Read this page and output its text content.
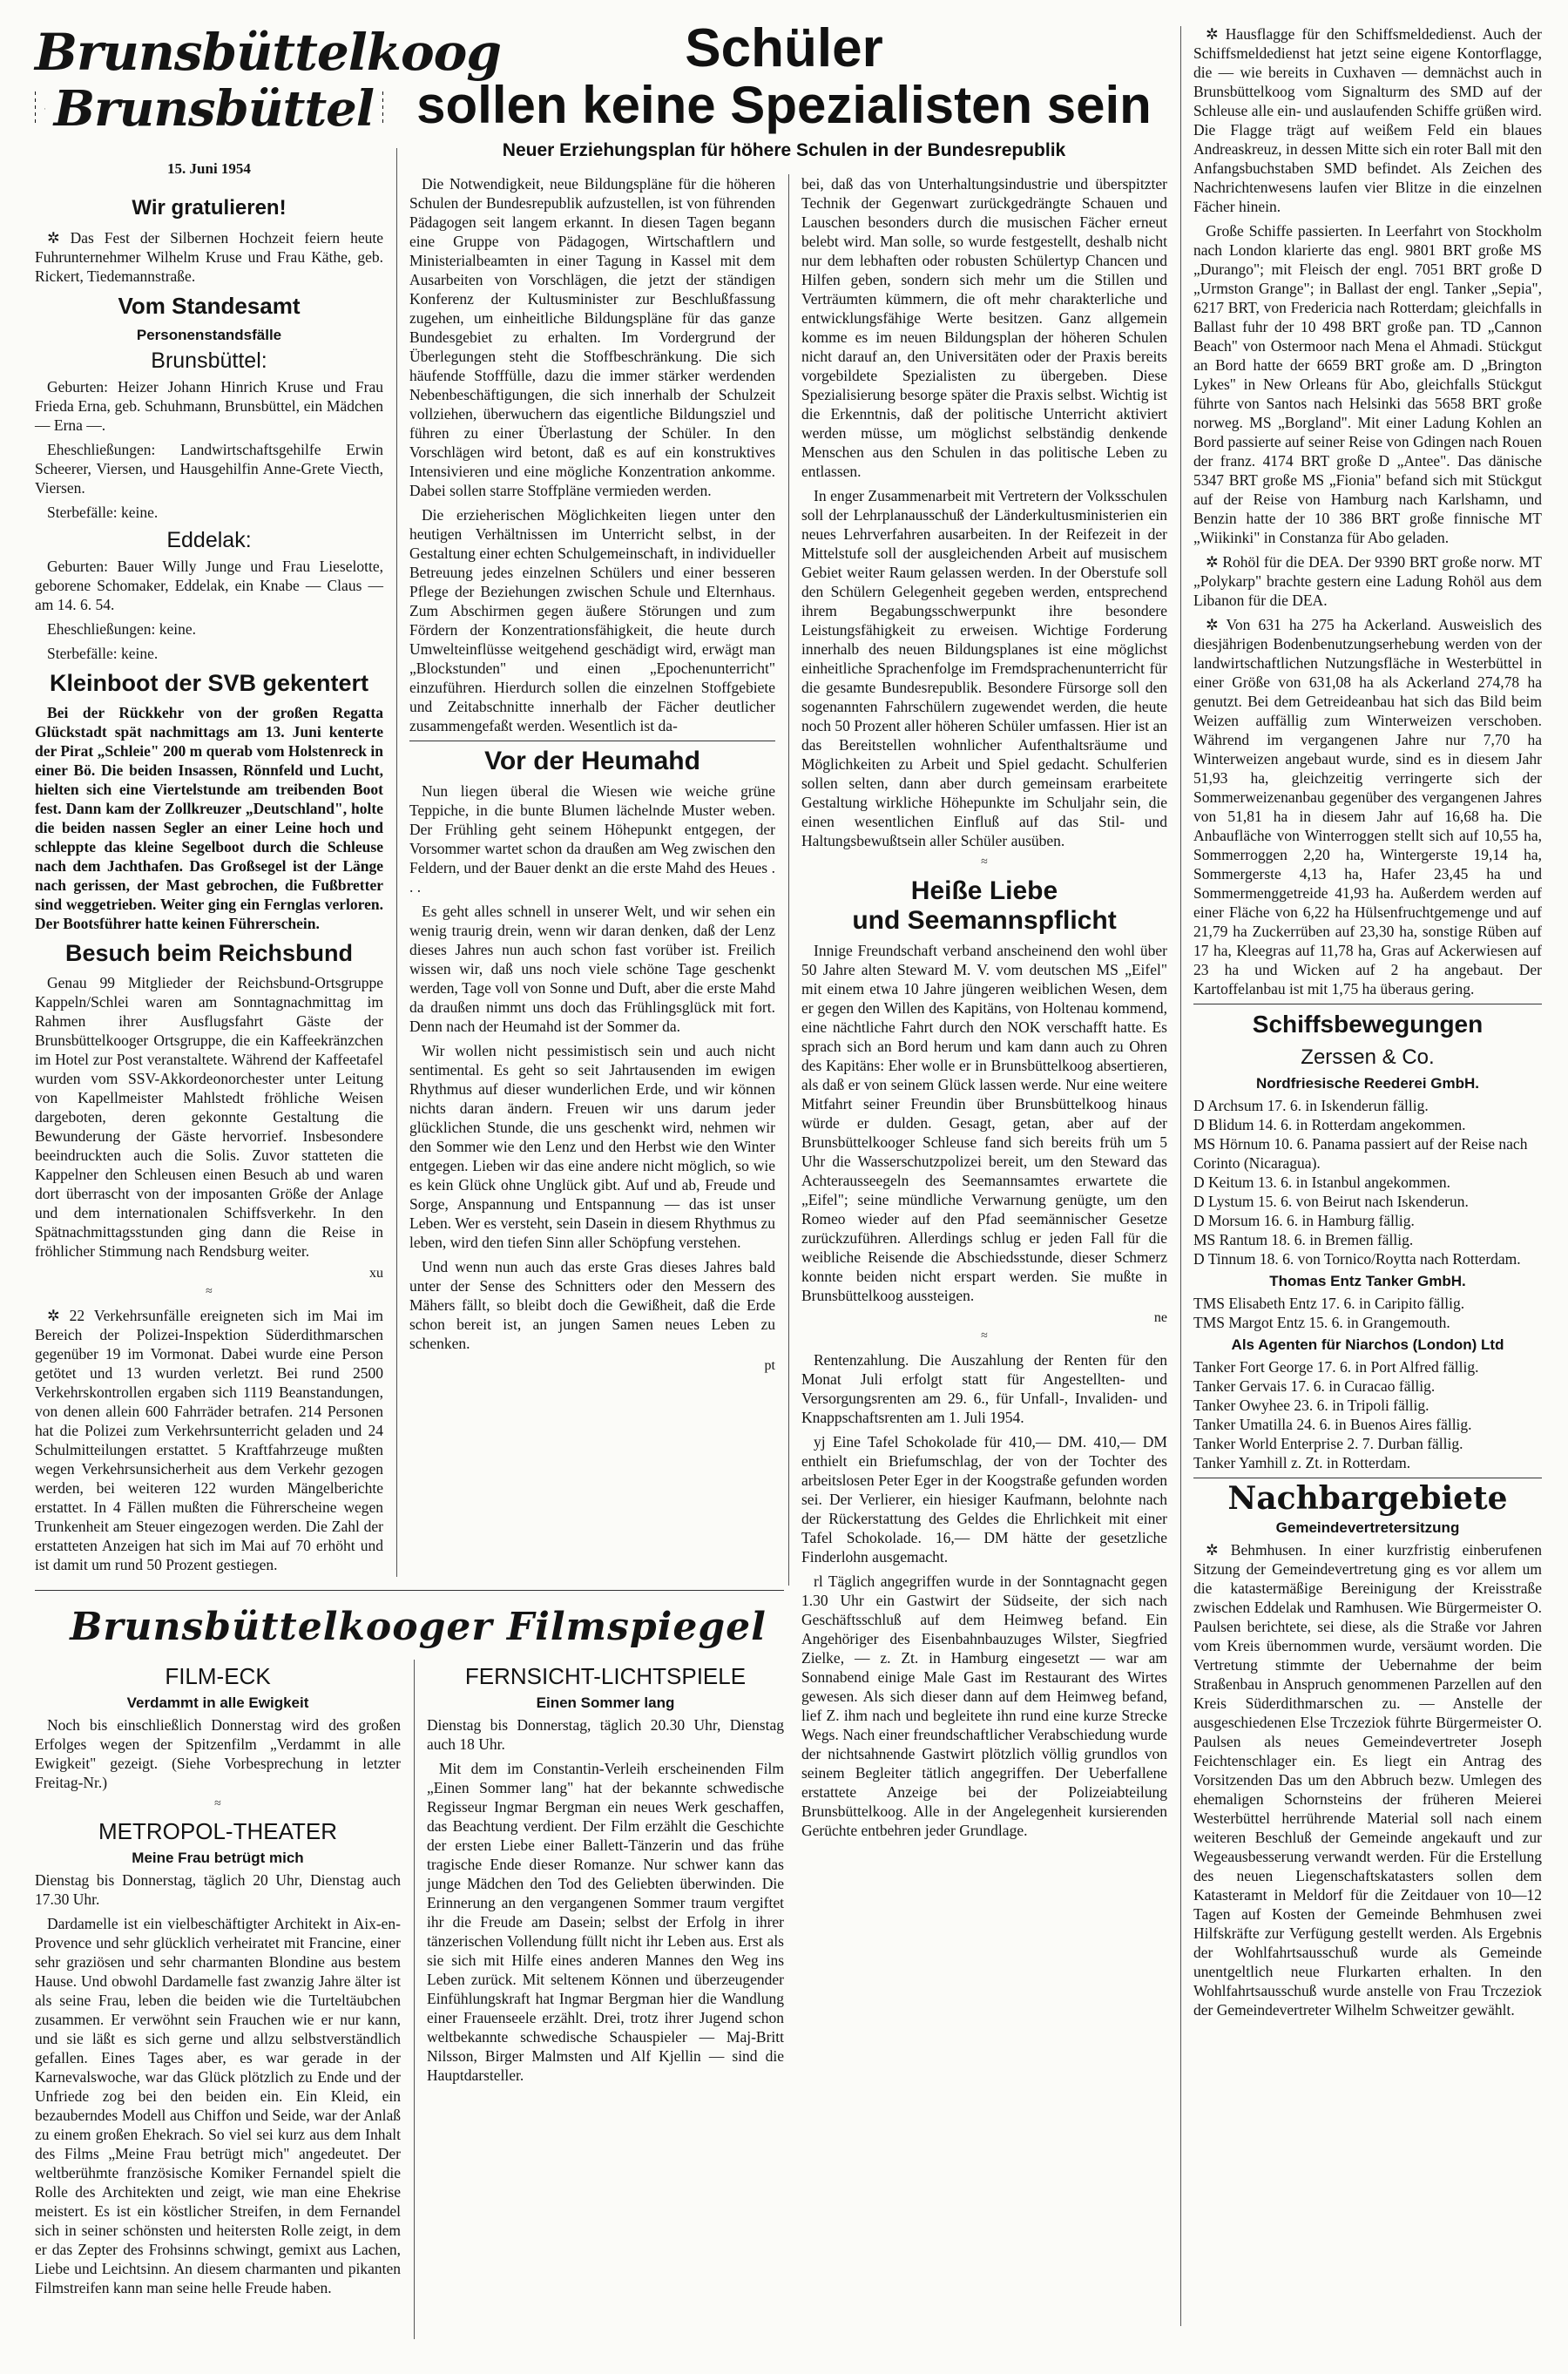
Brunsbüttelkoog
Brunsbüttel
15. Juni 1954
Wir gratulieren!

✲ Das Fest der Silbernen Hochzeit feiern heute Fuhrunternehmer Wilhelm Kruse und Frau Käthe, geb. Rickert, Tiedemannstraße.

Vom Standesamt
Personenstandsfälle
Brunsbüttel:

Geburten: Heizer Johann Hinrich Kruse und Frau Frieda Erna, geb. Schuhmann, Brunsbüttel, ein Mädchen — Erna —.

Eheschließungen: Landwirtschaftsgehilfe Erwin Scheerer, Viersen, und Hausgehilfin Anne-Grete Viecth, Viersen.

Sterbefälle: keine.

Eddelak:

Geburten: Bauer Willy Junge und Frau Lieselotte, geborene Schomaker, Eddelak, ein Knabe — Claus — am 14. 6. 54.

Eheschließungen: keine.

Sterbefälle: keine.

Kleinboot der SVB gekentert

Bei der Rückkehr von der großen Regatta Glückstadt spät nachmittags am 13. Juni kenterte der Pirat „Schleie" 200 m querab vom Holstenreck in einer Bö. Die beiden Insassen, Rönnfeld und Lucht, hielten sich eine Viertelstunde am treibenden Boot fest. Dann kam der Zollkreuzer „Deutschland", holte die beiden nassen Segler an einer Leine hoch und schleppte das kleine Segelboot durch die Schleuse nach dem Jachthafen. Das Großsegel ist der Länge nach gerissen, der Mast gebrochen, die Fußbretter sind weggetrieben. Weiter ging ein Fernglas verloren. Der Bootsführer hatte keinen Führerschein.

Besuch beim Reichsbund

Genau 99 Mitglieder der Reichsbund-Ortsgruppe Kappeln/Schlei waren am Sonntagnachmittag im Rahmen ihrer Ausflugsfahrt Gäste der Brunsbüttelkooger Ortsgruppe, die ein Kaffeekränzchen im Hotel zur Post veranstaltete. Während der Kaffeetafel wurden vom SSV-Akkordeonorchester unter Leitung von Kapellmeister Mahlstedt fröhliche Weisen dargeboten, deren gekonnte Gestaltung die Bewunderung der Gäste hervorrief. Insbesondere beeindruckten auch die Solis. Zuvor statteten die Kappelner den Schleusen einen Besuch ab und waren dort überrascht von der imposanten Größe der Anlage und dem internationalen Schiffsverkehr. In den Spätnachmittagsstunden ging dann die Reise in fröhlicher Stimmung nach Rendsburg weiter.

xu
≈

✲ 22 Verkehrsunfälle ereigneten sich im Mai im Bereich der Polizei-Inspektion Süderdithmarschen gegenüber 19 im Vormonat. Dabei wurde eine Person getötet und 13 wurden verletzt. Bei rund 2500 Verkehrskontrollen ergaben sich 1119 Beanstandungen, von denen allein 600 Fahrräder betrafen. 214 Personen hat die Polizei zum Verkehrsunterricht geladen und 24 Schulmitteilungen erstattet. 5 Kraftfahrzeuge mußten wegen Verkehrsunsicherheit aus dem Verkehr gezogen werden, bei weiteren 122 wurden Mängelberichte erstattet. In 4 Fällen mußten die Führerscheine wegen Trunkenheit am Steuer eingezogen werden. Die Zahl der erstatteten Anzeigen hat sich im Mai auf 70 erhöht und ist damit um rund 50 Prozent gestiegen.

Schüler
sollen keine Spezialisten sein
Neuer Erziehungsplan für höhere Schulen in der Bundesrepublik

Die Notwendigkeit, neue Bildungspläne für die höheren Schulen der Bundesrepublik aufzustellen, ist von führenden Pädagogen seit langem erkannt. In diesen Tagen begann eine Gruppe von Pädagogen, Wirtschaftlern und Ministerialbeamten in einer Tagung in Kassel mit dem Ausarbeiten von Vorschlägen, die jetzt der ständigen Konferenz der Kultusminister zur Beschlußfassung zugehen, um einheitliche Bildungspläne für das ganze Bundesgebiet zu erhalten. Im Vordergrund der Überlegungen steht die Stoffbeschränkung. Die sich häufende Stofffülle, dazu die immer stärker werdenden Nebenbeschäftigungen, die sich innerhalb der Schulzeit vollziehen, überwuchern das eigentliche Bildungsziel und führen zu einer Überlastung der Schüler. In den Vorschlägen wird betont, daß es auf ein konstruktives Intensivieren und eine mögliche Konzentration ankomme. Dabei sollen starre Stoffpläne vermieden werden.

Die erzieherischen Möglichkeiten liegen unter den heutigen Verhältnissen im Unterricht selbst, in der Gestaltung einer echten Schulgemeinschaft, in individueller Betreuung jedes einzelnen Schülers und einer besseren Pflege der Beziehungen zwischen Schule und Elternhaus. Zum Abschirmen gegen äußere Störungen und zum Fördern der Konzentrationsfähigkeit, die heute durch Umwelteinflüsse weitgehend geschädigt wird, erwägt man „Blockstunden" und einen „Epochenunterricht" einzuführen. Hierdurch sollen die einzelnen Stoffgebiete und Zeitabschnitte innerhalb der Fächer deutlicher zusammengefaßt werden. Wesentlich ist da-

Vor der Heumahd

Nun liegen überal die Wiesen wie weiche grüne Teppiche, in die bunte Blumen lächelnde Muster weben. Der Frühling geht seinem Höhepunkt entgegen, der Vorsommer wartet schon da draußen am Weg zwischen den Feldern, und der Bauer denkt an die erste Mahd des Heues . . .

Es geht alles schnell in unserer Welt, und wir sehen ein wenig traurig drein, wenn wir daran denken, daß der Lenz dieses Jahres nun auch schon fast vorüber ist. Freilich wissen wir, daß uns noch viele schöne Tage geschenkt werden, Tage voll von Sonne und Duft, aber die erste Mahd da draußen nimmt uns doch das Frühlingsglück mit fort. Denn nach der Heumahd ist der Sommer da.

Wir wollen nicht pessimistisch sein und auch nicht sentimental. Es geht so seit Jahrtausenden im ewigen Rhythmus auf dieser wunderlichen Erde, und wir können nichts daran ändern. Freuen wir uns darum jeder glücklichen Stunde, die uns geschenkt wird, nehmen wir den Sommer wie den Lenz und den Herbst wie den Winter entgegen. Lieben wir das eine andere nicht möglich, so wie es kein Glück ohne Unglück gibt. Auf und ab, Freude und Sorge, Anspannung und Entspannung — das ist unser Leben. Wer es versteht, sein Dasein in diesem Rhythmus zu leben, wird den tiefen Sinn aller Schöpfung verstehen.

Und wenn nun auch das erste Gras dieses Jahres bald unter der Sense des Schnitters oder den Messern des Mähers fällt, so bleibt doch die Gewißheit, daß die Erde schon bereit ist, an jungen Samen neues Leben zu schenken.

pt

bei, daß das von Unterhaltungsindustrie und überspitzter Technik der Gegenwart zurückgedrängte Schauen und Lauschen besonders durch die musischen Fächer erneut belebt wird. Man solle, so wurde festgestellt, deshalb nicht nur dem lebhaften oder robusten Schülertyp Chancen und Hilfen geben, sondern sich mehr um die Stillen und Verträumten kümmern, die oft mehr charakterliche und entwicklungsfähige Werte besitzen. Ganz allgemein komme es im neuen Bildungsplan der höheren Schulen nicht darauf an, den Universitäten oder der Praxis bereits vorgebildete Spezialisten zu übergeben. Diese Spezialisierung besorge später die Praxis selbst. Wichtig ist die Erkenntnis, daß der politische Unterricht aktiviert werden müsse, um möglichst selbständig denkende Menschen aus den Schulen in das politische Leben zu entlassen.

In enger Zusammenarbeit mit Vertretern der Volksschulen soll der Lehrplanausschuß der Länderkultusministerien ein neues Lehrverfahren ausarbeiten. In der Reifezeit in der Mittelstufe soll der ausgleichenden Arbeit auf musischem Gebiet weiter Raum gelassen werden. In der Oberstufe soll den Schülern Gelegenheit gegeben werden, entsprechend ihrem Begabungsschwerpunkt ihre besondere Leistungsfähigkeit zu erweisen. Wichtige Forderung innerhalb des neuen Bildungsplanes ist eine möglichst einheitliche Sprachenfolge im Fremdsprachenunterricht für die gesamte Bundesrepublik. Besondere Fürsorge soll den sogenannten Fahrschülern zugewendet werden, die heute noch 50 Prozent aller höheren Schüler umfassen. Hier ist an das Bereitstellen wohnlicher Aufenthaltsräume und Möglichkeiten zu Arbeit und Spiel gedacht. Schulferien sollen selten, dann aber durch gemeinsam erarbeitete Gestaltung wirkliche Höhepunkte im Schuljahr sein, die einen wesentlichen Einfluß auf das Stil- und Haltungsbewußtsein aller Schüler ausüben.

≈
Heiße Liebe
und Seemannspflicht

Innige Freundschaft verband anscheinend den wohl über 50 Jahre alten Steward M. V. vom deutschen MS „Eifel" mit einem etwa 10 Jahre jüngeren weiblichen Wesen, dem er gegen den Willen des Kapitäns, von Holtenau kommend, eine nächtliche Fahrt durch den NOK verschafft hatte. Es sprach sich an Bord herum und kam dann auch zu Ohren des Kapitäns: Eher wolle er in Brunsbüttelkoog absertieren, als daß er von seinem Glück lassen werde. Nur eine weitere Mitfahrt seiner Freundin über Brunsbüttelkoog hinaus würde er dulden. Gesagt, getan, aber auf der Brunsbüttelkooger Schleuse fand sich bereits früh um 5 Uhr die Wasserschutzpolizei bereit, um den Steward das Achterausseegeln des Seemannsamtes erwartete die „Eifel"; seine mündliche Verwarnung genügte, um den Romeo wieder auf den Pfad seemännischer Gesetze zurückzuführen. Allerdings schlug er jeden Fall für die weibliche Reisende die Abschiedsstunde, dieser Schmerz konnte beiden nicht erspart werden. Sie mußte in Brunsbüttelkoog aussteigen.

ne
≈

Rentenzahlung. Die Auszahlung der Renten für den Monat Juli erfolgt statt für Angestellten- und Versorgungsrenten am 29. 6., für Unfall-, Invaliden- und Knappschaftsrenten am 1. Juli 1954.

yj Eine Tafel Schokolade für 410,— DM. 410,— DM enthielt ein Briefumschlag, der von der Tochter des arbeitslosen Peter Eger in der Koogstraße gefunden worden sei. Der Verlierer, ein hiesiger Kaufmann, belohnte nach der Rückerstattung des Geldes die Ehrlichkeit mit einer Tafel Schokolade. 16,— DM hätte der gesetzliche Finderlohn ausgemacht.

rl Täglich angegriffen wurde in der Sonntagnacht gegen 1.30 Uhr ein Gastwirt der Südseite, der sich nach Geschäftsschluß auf dem Heimweg befand. Ein Angehöriger des Eisenbahnbauzuges Wilster, Siegfried Zielke, — z. Zt. in Hamburg eingesetzt — war am Sonnabend einige Male Gast im Restaurant des Wirtes gewesen. Als sich dieser dann auf dem Heimweg befand, lief Z. ihm nach und begleitete ihn rund eine kurze Strecke Wegs. Nach einer freundschaftlicher Verabschiedung wurde der nichtsahnende Gastwirt plötzlich völlig grundlos von seinem Begleiter tätlich angegriffen. Der Ueberfallene erstattete Anzeige bei der Polizeiabteilung Brunsbüttelkoog. Alle in der Angelegenheit kursierenden Gerüchte entbehren jeder Grundlage.

✲ Hausflagge für den Schiffsmeldedienst. Auch der Schiffsmeldedienst hat jetzt seine eigene Kontorflagge, die — wie bereits in Cuxhaven — demnächst auch in Brunsbüttelkoog vom Signalturm des SMD auf der Schleuse alle ein- und auslaufenden Schiffe grüßen wird. Die Flagge trägt auf weißem Feld ein blaues Andreaskreuz, in dessen Mitte sich ein roter Ball mit den Anfangsbuchstaben SMD befindet. Als Zeichen des Nachrichtenwesens laufen vier Blitze in die einzelnen Fächer hinein.

Große Schiffe passierten. In Leerfahrt von Stockholm nach London klarierte das engl. 9801 BRT große MS „Durango"; mit Fleisch der engl. 7051 BRT große D „Urmston Grange"; in Ballast der engl. Tanker „Sepia", 6217 BRT, von Fredericia nach Rotterdam; gleichfalls in Ballast fuhr der 10 498 BRT große pan. TD „Cannon Beach" von Ostermoor nach Mena el Ahmadi. Stückgut an Bord hatte der 6659 BRT große am. D „Brington Lykes" in New Orleans für Abo, gleichfalls Stückgut führte von Santos nach Helsinki das 5658 BRT große norweg. MS „Borgland". Mit einer Ladung Kohlen an Bord passierte auf seiner Reise von Gdingen nach Rouen der franz. 4174 BRT große D „Antee". Das dänische 5347 BRT große MS „Fionia" befand sich mit Stückgut auf der Reise von Hamburg nach Karlshamn, und Benzin hatte der 10 386 BRT große finnische MT „Wiikinki" in Constanza für Abo geladen.

✲ Rohöl für die DEA. Der 9390 BRT große norw. MT „Polykarp" brachte gestern eine Ladung Rohöl aus dem Libanon für die DEA.

✲ Von 631 ha 275 ha Ackerland. Ausweislich des diesjährigen Bodenbenutzungserhebung werden von der landwirtschaftlichen Nutzungsfläche in Westerbüttel in einer Größe von 631,08 ha als Ackerland 274,78 ha genutzt. Bei dem Getreideanbau hat sich das Bild beim Weizen auffällig zum Winterweizen verschoben. Während im vergangenen Jahre nur 7,70 ha Winterweizen angebaut wurde, sind es in diesem Jahr 51,93 ha, gleichzeitig verringerte sich der Sommerweizenanbau gegenüber des vergangenen Jahres von 51,81 ha in diesem Jahr auf 16,68 ha. Die Anbaufläche von Winterroggen stellt sich auf 10,55 ha, Sommerroggen 2,20 ha, Wintergerste 19,14 ha, Sommergerste 4,13 ha, Hafer 23,45 ha und Sommermenggetreide 41,93 ha. Außerdem werden auf einer Fläche von 6,22 ha Hülsenfruchtgemenge und auf 21,79 ha Zuckerrüben auf 23,30 ha, sonstige Rüben auf 17 ha, Kleegras auf 11,78 ha, Gras auf Ackerwiesen auf 23 ha und Wicken auf 2 ha angebaut. Der Kartoffelanbau ist mit 1,75 ha überaus gering.

Schiffsbewegungen
Zerssen & Co.
Nordfriesische Reederei GmbH.
D Archsum 17. 6. in Iskenderun fällig.
D Blidum 14. 6. in Rotterdam angekommen.
MS Hörnum 10. 6. Panama passiert auf der Reise nach Corinto (Nicaragua).
D Keitum 13. 6. in Istanbul angekommen.
D Lystum 15. 6. von Beirut nach Iskenderun.
D Morsum 16. 6. in Hamburg fällig.
MS Rantum 18. 6. in Bremen fällig.
D Tinnum 18. 6. von Tornico/Roytta nach Rotterdam.
Thomas Entz Tanker GmbH.
TMS Elisabeth Entz 17. 6. in Caripito fällig.
TMS Margot Entz 15. 6. in Grangemouth.
Als Agenten für Niarchos (London) Ltd
Tanker Fort George 17. 6. in Port Alfred fällig.
Tanker Gervais 17. 6. in Curacao fällig.
Tanker Owyhee 23. 6. in Tripoli fällig.
Tanker Umatilla 24. 6. in Buenos Aires fällig.
Tanker World Enterprise 2. 7. Durban fällig.
Tanker Yamhill z. Zt. in Rotterdam.
Nachbargebiete
Gemeindevertretersitzung

✲ Behmhusen. In einer kurzfristig einberufenen Sitzung der Gemeindevertretung ging es vor allem um die katastermäßige Bereinigung der Kreisstraße zwischen Eddelak und Ramhusen. Wie Bürgermeister O. Paulsen berichtete, sei diese, als die Straße vor Jahren vom Kreis übernommen wurde, versäumt worden. Die Vertretung stimmte der Uebernahme der beim Straßenbau in Anspruch genommenen Parzellen auf den Kreis Süderdithmarschen zu. — Anstelle der ausgeschiedenen Else Trczeziok führte Bürgermeister O. Paulsen als neues Gemeindevertreter Joseph Feichtenschlager ein. Es liegt ein Antrag des Vorsitzenden Das um den Abbruch bezw. Umlegen des ehemaligen Schornsteins der früheren Meierei Westerbüttel herrührende Material soll nach einem weiteren Beschluß der Gemeinde angekauft und zur Wegeausbesserung verwandt werden. Für die Erstellung des neuen Liegenschaftskatasters sollen dem Katasteramt in Meldorf für die Zeitdauer von 10—12 Tagen auf Kosten der Gemeinde Behmhusen zwei Hilfskräfte zur Verfügung gestellt werden. Als Ergebnis der Wohlfahrtsausschuß wurde als Gemeinde unentgeltlich neue Flurkarten erhalten. In den Wohlfahrtsausschuß wurde anstelle von Frau Trczeziok der Gemeindevertreter Wilhelm Schweitzer gewählt.

Brunsbüttelkooger Filmspiegel
FILM-ECK
Verdammt in alle Ewigkeit

Noch bis einschließlich Donnerstag wird des großen Erfolges wegen der Spitzenfilm „Verdammt in alle Ewigkeit" gezeigt. (Siehe Vorbesprechung in letzter Freitag-Nr.)

≈
METROPOL-THEATER
Meine Frau betrügt mich

Dienstag bis Donnerstag, täglich 20 Uhr, Dienstag auch 17.30 Uhr.

Dardamelle ist ein vielbeschäftigter Architekt in Aix-en-Provence und sehr glücklich verheiratet mit Francine, einer sehr graziösen und sehr charmanten Blondine aus bestem Hause. Und obwohl Dardamelle fast zwanzig Jahre älter ist als seine Frau, leben die beiden wie die Turteltäubchen zusammen. Er verwöhnt sein Frauchen wie er nur kann, und sie läßt es sich gerne und allzu selbstverständlich gefallen. Eines Tages aber, es war gerade in der Karnevalswoche, war das Glück plötzlich zu Ende und der Unfriede zog bei den beiden ein. Ein Kleid, ein bezauberndes Modell aus Chiffon und Seide, war der Anlaß zu einem großen Ehekrach. So viel sei kurz aus dem Inhalt des Films „Meine Frau betrügt mich" angedeutet. Der weltberühmte französische Komiker Fernandel spielt die Rolle des Architekten und zeigt, wie man eine Ehekrise meistert. Es ist ein köstlicher Streifen, in dem Fernandel sich in seiner schönsten und heitersten Rolle zeigt, in dem er das Zepter des Frohsinns schwingt, gemixt aus Lachen, Liebe und Leichtsinn. An diesem charmanten und pikanten Filmstreifen kann man seine helle Freude haben.

FERNSICHT-LICHTSPIELE
Einen Sommer lang

Dienstag bis Donnerstag, täglich 20.30 Uhr, Dienstag auch 18 Uhr.

Mit dem im Constantin-Verleih erscheinenden Film „Einen Sommer lang" hat der bekannte schwedische Regisseur Ingmar Bergman ein neues Werk geschaffen, das Beachtung verdient. Der Film erzählt die Geschichte der ersten Liebe einer Ballett-Tänzerin und das frühe tragische Ende dieser Romanze. Nur schwer kann das junge Mädchen den Tod des Geliebten überwinden. Die Erinnerung an den vergangenen Sommer traum vergiftet ihr die Freude am Dasein; selbst der Erfolg in ihrer tänzerischen Vollendung füllt nicht ihr Leben aus. Erst als sie sich mit Hilfe eines anderen Mannes den Weg ins Leben zurück. Mit seltenem Können und überzeugender Einfühlungskraft hat Ingmar Bergman hier die Wandlung einer Frauenseele erzählt. Drei, trotz ihrer Jugend schon weltbekannte schwedische Schauspieler — Maj-Britt Nilsson, Birger Malmsten und Alf Kjellin — sind die Hauptdarsteller.
